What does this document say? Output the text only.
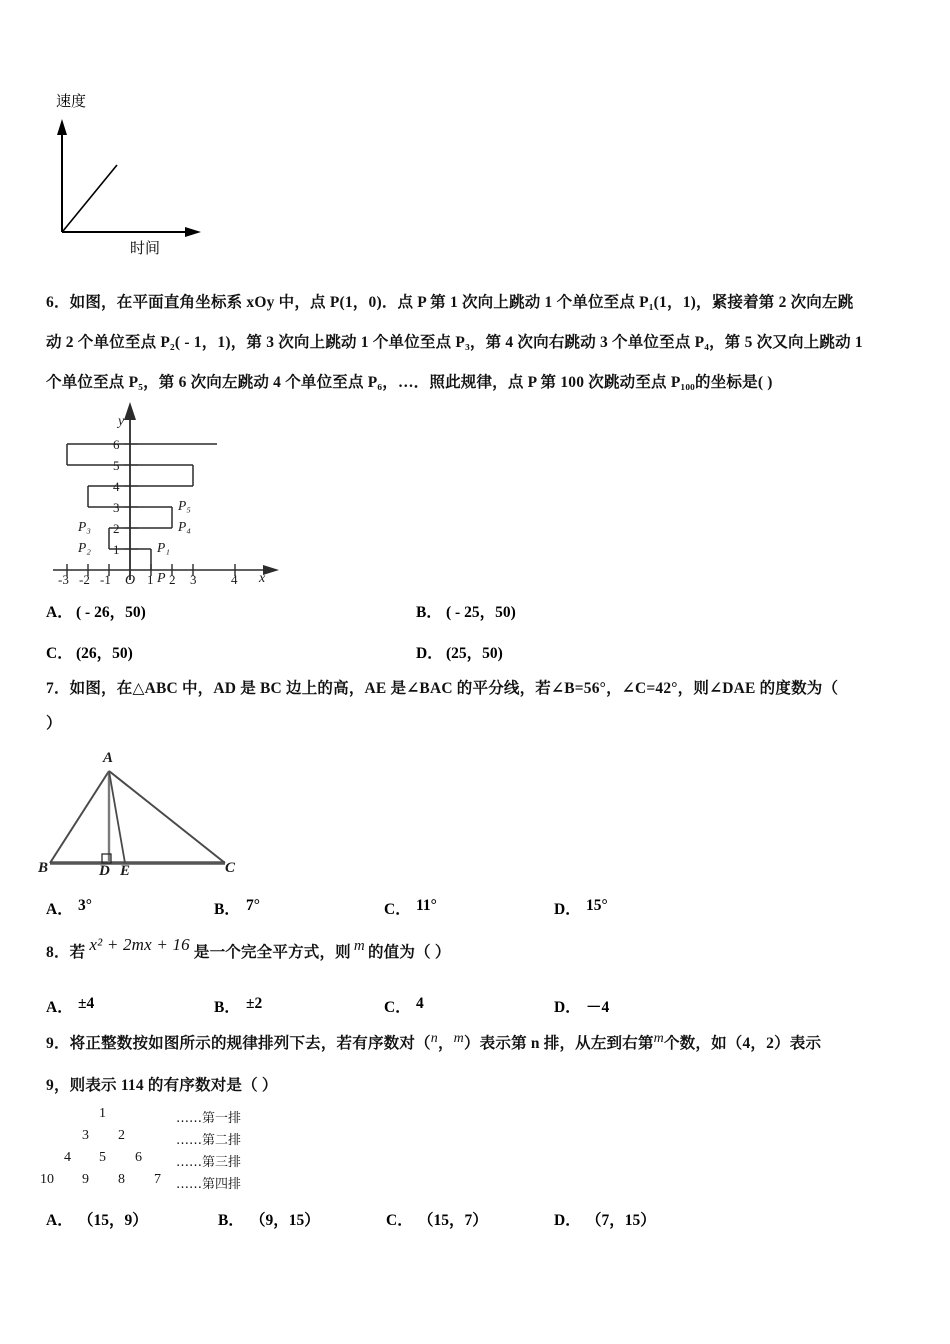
速度
时间
6．如图，在平面直角坐标系 xOy 中，点 P(1，0)．点 P 第 1 次向上跳动 1 个单位至点 P₁(1，1)，紧接着第 2 次向左跳
动 2 个单位至点 P₂( - 1，1)，第 3 次向上跳动 1 个单位至点 P₃，第 4 次向右跳动 3 个单位至点 P₄，第 5 次又向上跳动 1
个单位至点 P₅，第 6 次向左跳动 4 个单位至点 P₆，…．照此规律，点 P 第 100 次跳动至点 P₁₀₀的坐标是( )
6
5
4
3
2
1
-3 -2 -1	1 2 3	4
y
x
O P
P₁
P₂
P₃	P₄
P₅
A． ( - 26，50)	B． ( - 25，50)
C． (26，50)	D． (25，50)
7．如图，在△ABC 中，AD 是 BC 边上的高，AE 是∠BAC 的平分线，若∠B=56°，∠C=42°，则∠DAE 的度数为（
）
A
B	C
D E
A． 3°	B． 7°	C． 11°	D． 15°
8．若 x² + 2mx + 16 是一个完全平方式，则 m 的值为（ ）
A． ±4	B． ±2	C． 4	D． －4
9．将正整数按如图所示的规律排列下去，若有序数对（n，m）表示第 n 排，从左到右第m个数，如（4，2）表示
9，则表示 114 的有序数对是（ ）
1	……第一排
3 2	……第二排
4 5 6	……第三排
10 9 8 7 ……第四排
A． （15，9）	B． （9，15）	C． （15，7）	D． （7，15）
